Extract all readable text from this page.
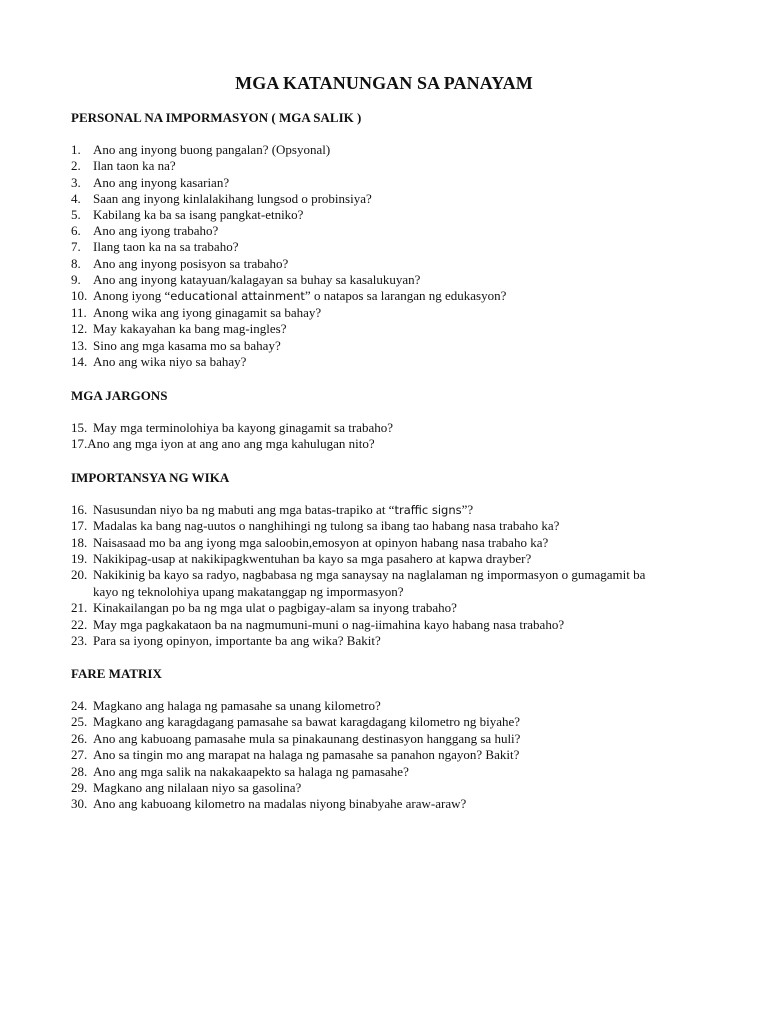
MGA KATANUNGAN SA PANAYAM
PERSONAL NA IMPORMASYON ( MGA SALIK )
1. Ano ang inyong buong pangalan? (Opsyonal)
2. Ilan taon ka na?
3. Ano ang inyong kasarian?
4. Saan ang inyong kinlalakihang lungsod o probinsiya?
5. Kabilang ka ba sa isang pangkat-etniko?
6. Ano ang iyong trabaho?
7. Ilang taon ka na sa trabaho?
8. Ano ang inyong posisyon sa trabaho?
9. Ano ang inyong katayuan/kalagayan sa buhay sa kasalukuyan?
10. Anong iyong “educational attainment” o natapos sa larangan ng edukasyon?
11. Anong wika ang iyong ginagamit sa bahay?
12. May kakayahan ka bang mag-ingles?
13. Sino ang mga kasama mo sa bahay?
14. Ano ang wika niyo sa bahay?
MGA JARGONS
15. May mga terminolohiya ba kayong ginagamit sa trabaho?
17.Ano ang mga iyon at ang ano ang mga kahulugan nito?
IMPORTANSYA NG WIKA
16. Nasusundan niyo ba ng mabuti ang mga batas-trapiko at “traffic signs”?
17. Madalas ka bang nag-uutos o nanghihingi ng tulong sa ibang tao habang nasa trabaho ka?
18. Naisasaad mo ba ang iyong mga saloobin,emosyon at opinyon habang nasa trabaho ka?
19. Nakikipag-usap at nakikipagkwentuhan ba kayo sa mga pasahero at kapwa drayber?
20. Nakikinig ba kayo sa radyo, nagbabasa ng mga sanaysay na naglalaman ng impormasyon o gumagamit ba
kayo ng teknolohiya upang makatanggap ng impormasyon?
21. Kinakailangan po ba ng mga ulat o pagbigay-alam sa inyong trabaho?
22. May mga pagkakataon ba na nagmumuni-muni o nag-iimahina kayo habang nasa trabaho?
23. Para sa iyong opinyon, importante ba ang wika? Bakit?
FARE MATRIX
24. Magkano ang halaga ng pamasahe sa unang kilometro?
25. Magkano ang karagdagang pamasahe sa bawat karagdagang kilometro ng biyahe?
26. Ano ang kabuoang pamasahe mula sa pinakaunang destinasyon hanggang sa huli?
27. Ano sa tingin mo ang marapat na halaga ng pamasahe sa panahon ngayon? Bakit?
28. Ano ang mga salik na nakakaapekto sa halaga ng pamasahe?
29. Magkano ang nilalaan niyo sa gasolina?
30. Ano ang kabuoang kilometro na madalas niyong binabyahe araw-araw?
